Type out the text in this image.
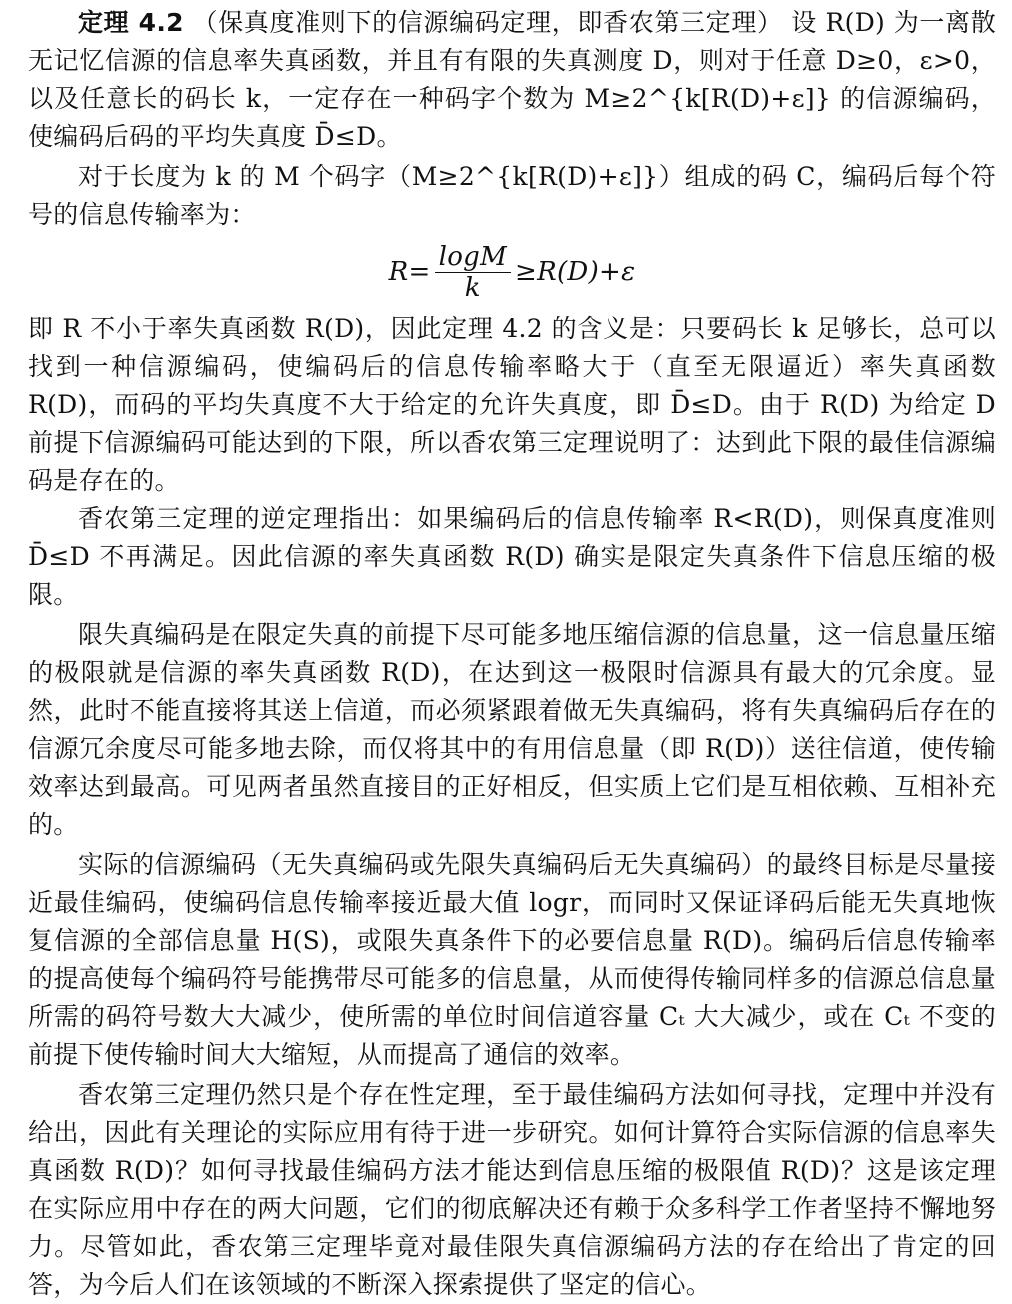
定理 4.2 （保真度准则下的信源编码定理，即香农第三定理） 设 R(D) 为一离散无记忆信源的信息率失真函数，并且有有限的失真测度 D，则对于任意 D≥0，ε>0，以及任意长的码长 k，一定存在一种码字个数为 M≥2^{k[R(D)+ε]} 的信源编码，使编码后码的平均失真度 D̄≤D。

对于长度为 k 的 M 个码字（M≥2^{k[R(D)+ε]}）组成的码 C，编码后每个符号的信息传输率为：

$R= \frac{\log M}{k} \ge R(D)+\varepsilon$

即 R 不小于率失真函数 R(D)，因此定理 4.2 的含义是：只要码长 k 足够长，总可以找到一种信源编码，使编码后的信息传输率略大于（直至无限逼近）率失真函数 R(D)，而码的平均失真度不大于给定的允许失真度，即 D̄≤D。由于 R(D) 为给定 D 前提下信源编码可能达到的下限，所以香农第三定理说明了：达到此下限的最佳信源编码是存在的。

香农第三定理的逆定理指出：如果编码后的信息传输率 R<R(D)，则保真度准则 D̄≤D 不再满足。因此信源的率失真函数 R(D) 确实是限定失真条件下信息压缩的极限。

限失真编码是在限定失真的前提下尽可能多地压缩信源的信息量，这一信息量压缩的极限就是信源的率失真函数 R(D)，在达到这一极限时信源具有最大的冗余度。显然，此时不能直接将其送上信道，而必须紧跟着做无失真编码，将有失真编码后存在的信源冗余度尽可能多地去除，而仅将其中的有用信息量（即 R(D)）送往信道，使传输效率达到最高。可见两者虽然直接目的正好相反，但实质上它们是互相依赖、互相补充的。

实际的信源编码（无失真编码或先限失真编码后无失真编码）的最终目标是尽量接近最佳编码，使编码信息传输率接近最大值 logr，而同时又保证译码后能无失真地恢复信源的全部信息量 H(S)，或限失真条件下的必要信息量 R(D)。编码后信息传输率的提高使每个编码符号能携带尽可能多的信息量，从而使得传输同样多的信源总信息量所需的码符号数大大减少，使所需的单位时间信道容量 Cₜ 大大减少，或在 Cₜ 不变的前提下使传输时间大大缩短，从而提高了通信的效率。

香农第三定理仍然只是个存在性定理，至于最佳编码方法如何寻找，定理中并没有给出，因此有关理论的实际应用有待于进一步研究。如何计算符合实际信源的信息率失真函数 R(D)？如何寻找最佳编码方法才能达到信息压缩的极限值 R(D)？这是该定理在实际应用中存在的两大问题，它们的彻底解决还有赖于众多科学工作者坚持不懈地努力。尽管如此，香农第三定理毕竟对最佳限失真信源编码方法的存在给出了肯定的回答，为今后人们在该领域的不断深入探索提供了坚定的信心。
